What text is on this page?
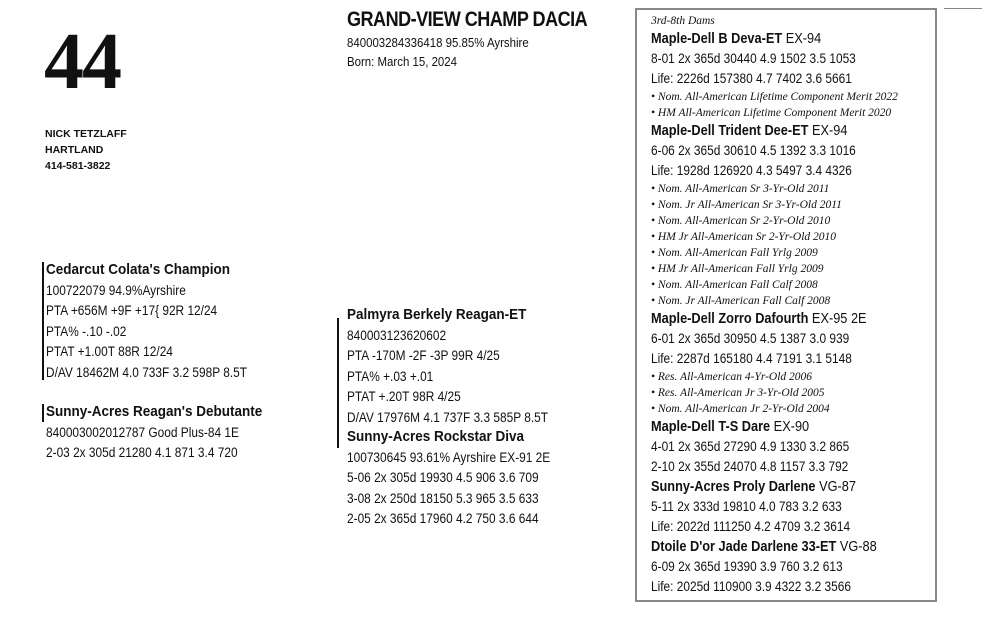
44
NICK TETZLAFF
HARTLAND
414-581-3822
GRAND-VIEW CHAMP DACIA
840003284336418 95.85% Ayrshire
Born: March 15, 2024
Cedarcut Colata's Champion
100722079 94.9%Ayrshire
PTA +656M +9F +17{ 92R 12/24
PTA% -.10 -.02
PTAT +1.00T 88R 12/24
D/AV 18462M 4.0 733F 3.2 598P 8.5T
Sunny-Acres Reagan's Debutante
840003002012787 Good Plus-84 1E
2-03 2x 305d 21280 4.1 871 3.4 720
Palmyra Berkely Reagan-ET
840003123620602
PTA -170M -2F -3P 99R 4/25
PTA% +.03 +.01
PTAT +.20T 98R 4/25
D/AV 17976M 4.1 737F 3.3 585P 8.5T
Sunny-Acres Rockstar Diva
100730645 93.61% Ayrshire EX-91 2E
5-06 2x 305d 19930 4.5 906 3.6 709
3-08 2x 250d 18150 5.3 965 3.5 633
2-05 2x 365d 17960 4.2 750 3.6 644
3rd-8th Dams
Maple-Dell B Deva-ET EX-94
8-01 2x 365d 30440 4.9 1502 3.5 1053
Life: 2226d 157380 4.7 7402 3.6 5661
• Nom. All-American Lifetime Component Merit 2022
• HM All-American Lifetime Component Merit 2020
Maple-Dell Trident Dee-ET EX-94
6-06 2x 365d 30610 4.5 1392 3.3 1016
Life: 1928d 126920 4.3 5497 3.4 4326
• Nom. All-American Sr 3-Yr-Old 2011
• Nom. Jr All-American Sr 3-Yr-Old 2011
• Nom. All-American Sr 2-Yr-Old 2010
• HM Jr All-American Sr 2-Yr-Old 2010
• Nom. All-American Fall Yrlg 2009
• HM Jr All-American Fall Yrlg 2009
• Nom. All-American Fall Calf 2008
• Nom. Jr All-American Fall Calf 2008
Maple-Dell Zorro Dafourth EX-95 2E
6-01 2x 365d 30950 4.5 1387 3.0 939
Life: 2287d 165180 4.4 7191 3.1 5148
• Res. All-American 4-Yr-Old 2006
• Res. All-American Jr 3-Yr-Old 2005
• Nom. All-American Jr 2-Yr-Old 2004
Maple-Dell T-S Dare EX-90
4-01 2x 365d 27290 4.9 1330 3.2 865
2-10 2x 355d 24070 4.8 1157 3.3 792
Sunny-Acres Proly Darlene VG-87
5-11 2x 333d 19810 4.0 783 3.2 633
Life: 2022d 111250 4.2 4709 3.2 3614
Dtoile D'or Jade Darlene 33-ET VG-88
6-09 2x 365d 19390 3.9 760 3.2 613
Life: 2025d 110900 3.9 4322 3.2 3566
